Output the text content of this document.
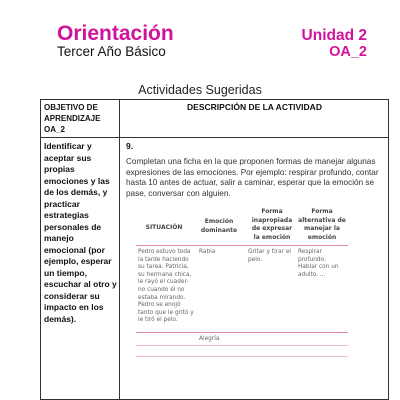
Orientación
Tercer Año Básico
Unidad 2
OA_2
Actividades Sugeridas
OBJETIVO DE APRENDIZAJE OA_2
DESCRIPCIÓN DE LA ACTIVIDAD
Identificar y aceptar sus propias emociones y las de los demás, y practicar estrategias personales de manejo emocional (por ejemplo, esperar un tiempo, escuchar al otro y considerar su impacto en los demás).
9.
Completan una ficha en la que proponen formas de manejar algunas expresiones de las emociones. Por ejemplo: respirar profundo, contar hasta 10 antes de actuar, salir a caminar, esperar que la emoción se pase, conversar con alguien.
SITUACIÓN
Emoción dominante
Forma inapropiada de expresar la emoción
Forma alternativa de manejar la emoción
Pedro estuvo toda la tarde haciendo su tarea. Patricia, su hermana chica, le rayó el cuader- no cuando él no estaba mirando. Pedro se enojó tanto que le gritó y le tiró el pelo.
Rabia	Gritar y tirar el pelo.
Respirar profundo. Hablar con un adulto. ...
Alegría
